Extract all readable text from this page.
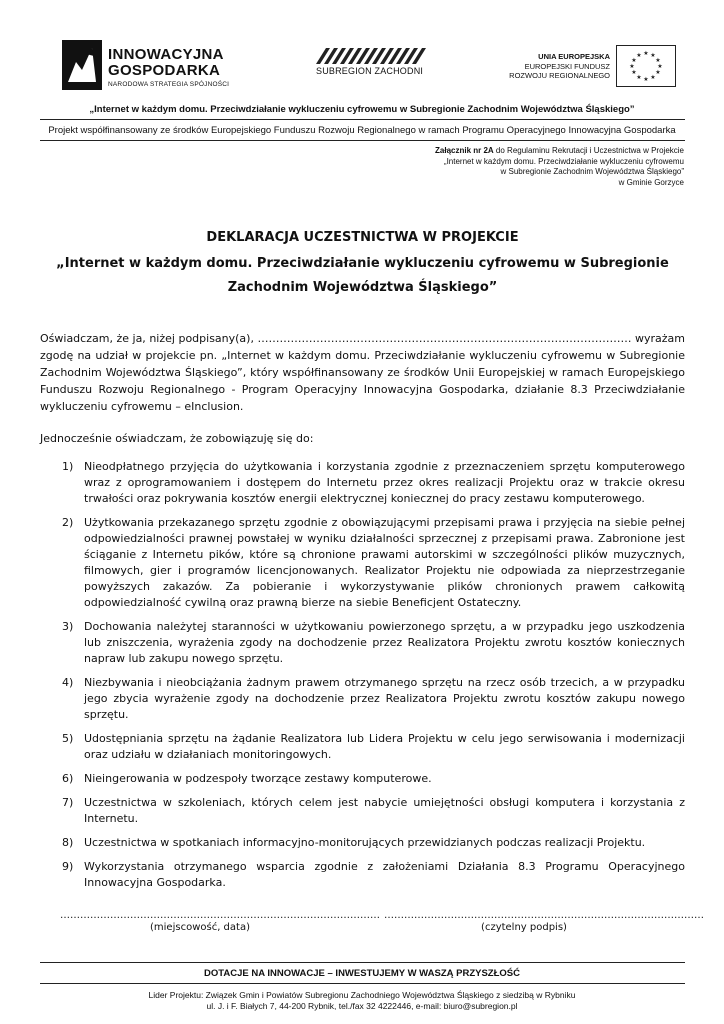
INNOWACYJNA
GOSPODARKA
NARODOWA STRATEGIA SPÓJNOŚCI
SUBREGION ZACHODNI
UNIA EUROPEJSKA
EUROPEJSKI FUNDUSZ
ROZWOJU REGIONALNEGO
★ ★
★
★
★
★
★
★
★
★
★
★
„Internet w każdym domu. Przeciwdziałanie wykluczeniu cyfrowemu w Subregionie Zachodnim Województwa Śląskiego”
Projekt współfinansowany ze środków Europejskiego Funduszu Rozwoju Regionalnego w ramach Programu Operacyjnego Innowacyjna Gospodarka
Załącznik nr 2A do Regulaminu Rekrutacji i Uczestnictwa w Projekcie
„Internet w każdym domu. Przeciwdziałanie wykluczeniu cyfrowemu
w Subregionie Zachodnim Województwa Śląskiego”
w Gminie Gorzyce
DEKLARACJA UCZESTNICTWA W PROJEKCIE
„Internet w każdym domu. Przeciwdziałanie wykluczeniu cyfrowemu w Subregionie
Zachodnim Województwa Śląskiego”
Oświadczam, że ja, niżej podpisany(a), ………………………………………………………………………………………… wyrażam zgodę na udział w projekcie pn. „Internet w każdym domu. Przeciwdziałanie wykluczeniu cyfrowemu w Subregionie Zachodnim Województwa Śląskiego”, który współfinansowany ze środków Unii Europejskiej w ramach Europejskiego Funduszu Rozwoju Regionalnego - Program Operacyjny Innowacyjna Gospodarka, działanie 8.3 Przeciwdziałanie wykluczeniu cyfrowemu – eInclusion.
Jednocześnie oświadczam, że zobowiązuję się do:
1) Nieodpłatnego przyjęcia do użytkowania i korzystania zgodnie z przeznaczeniem sprzętu komputerowego wraz z oprogramowaniem i dostępem do Internetu przez okres realizacji Projektu oraz w trakcie okresu trwałości oraz pokrywania kosztów energii elektrycznej koniecznej do pracy zestawu komputerowego.
2) Użytkowania przekazanego sprzętu zgodnie z obowiązującymi przepisami prawa i przyjęcia na siebie pełnej odpowiedzialności prawnej powstałej w wyniku działalności sprzecznej z przepisami prawa. Zabronione jest ściąganie z Internetu pików, które są chronione prawami autorskimi w szczególności plików muzycznych, filmowych, gier i programów licencjonowanych. Realizator Projektu nie odpowiada za nieprzestrzeganie powyższych zakazów. Za pobieranie i wykorzystywanie plików chronionych prawem całkowitą odpowiedzialność cywilną oraz prawną bierze na siebie Beneficjent Ostateczny.
3) Dochowania należytej staranności w użytkowaniu powierzonego sprzętu, a w przypadku jego uszkodzenia lub zniszczenia, wyrażenia zgody na dochodzenie przez Realizatora Projektu zwrotu kosztów koniecznych napraw lub zakupu nowego sprzętu.
4) Niezbywania i nieobciążania żadnym prawem otrzymanego sprzętu na rzecz osób trzecich, a w przypadku jego zbycia wyrażenie zgody na dochodzenie przez Realizatora Projektu zwrotu kosztów zakupu nowego sprzętu.
5) Udostępniania sprzętu na żądanie Realizatora lub Lidera Projektu w celu jego serwisowania i modernizacji oraz udziału w działaniach monitoringowych.
6) Nieingerowania w podzespoły tworzące zestawy komputerowe.
7) Uczestnictwa w szkoleniach, których celem jest nabycie umiejętności obsługi komputera i korzystania z Internetu.
8) Uczestnictwa w spotkaniach informacyjno-monitorujących przewidzianych podczas realizacji Projektu.
9) Wykorzystania otrzymanego wsparcia zgodnie z założeniami Działania 8.3 Programu Operacyjnego Innowacyjna Gospodarka.
……………………………………………………………………………………
(miejscowość, data)
……………………………………………………………………………………
(czytelny podpis)
DOTACJE NA INNOWACJE – INWESTUJEMY W WASZĄ PRZYSZŁOŚĆ
Lider Projektu: Związek Gmin i Powiatów Subregionu Zachodniego Województwa Śląskiego z siedzibą w Rybniku
ul. J. i F. Białych 7, 44-200 Rybnik, tel./fax 32 4222446, e-mail: biuro@subregion.pl
